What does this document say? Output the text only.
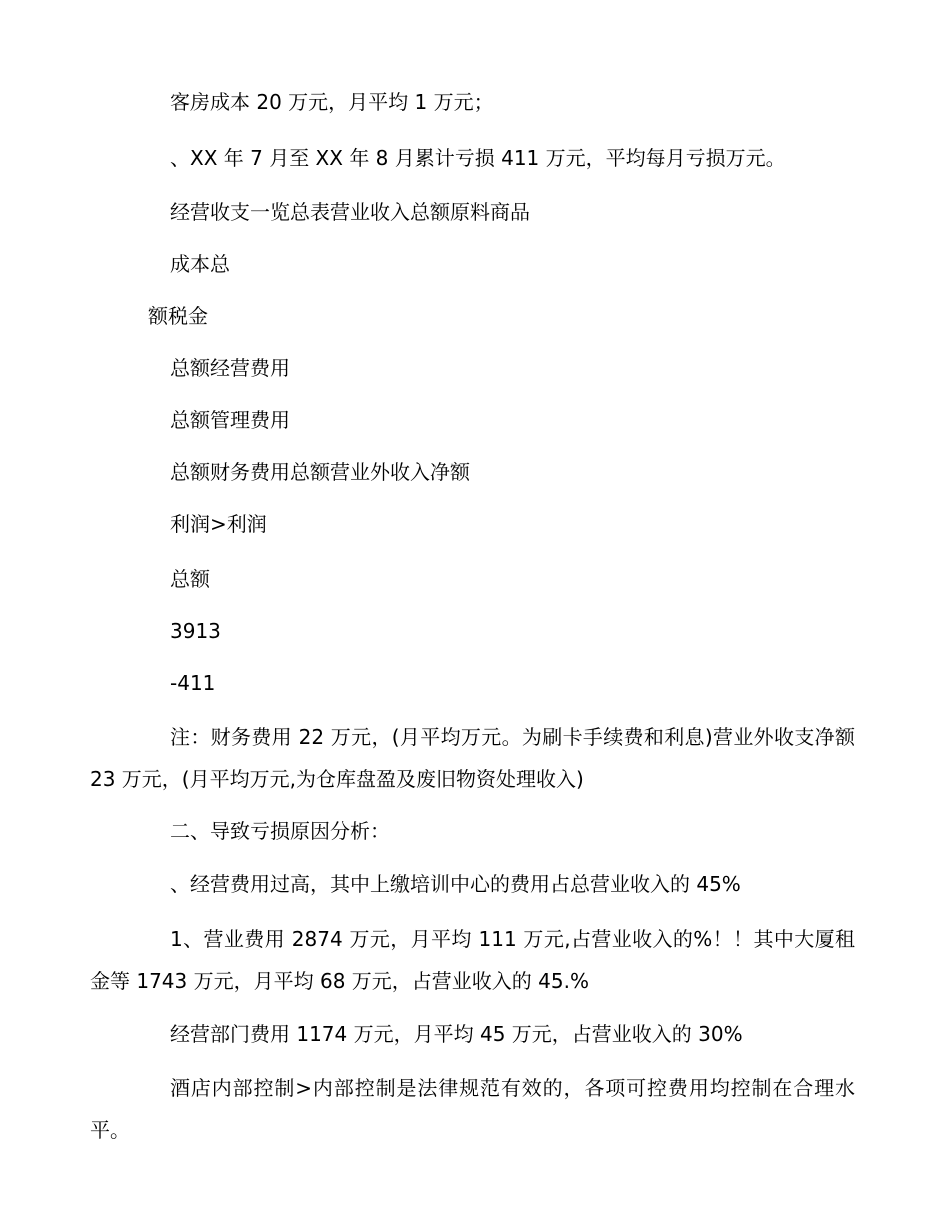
客房成本 20 万元，月平均 1 万元；
、XX 年 7 月至 XX 年 8 月累计亏损 411 万元，平均每月亏损万元。
经营收支一览总表营业收入总额原料商品
成本总
额税金
总额经营费用
总额管理费用
总额财务费用总额营业外收入净额
利润>利润
总额
3913
-411
注：财务费用 22 万元，(月平均万元。为刷卡手续费和利息)营业外收支净额 23 万元，(月平均万元,为仓库盘盈及废旧物资处理收入)
二、导致亏损原因分析：
、经营费用过高，其中上缴培训中心的费用占总营业收入的 45%
1、营业费用 2874 万元，月平均 111 万元,占营业收入的%！！其中大厦租金等 1743 万元，月平均 68 万元，占营业收入的 45.%
经营部门费用 1174 万元，月平均 45 万元，占营业收入的 30%
酒店内部控制>内部控制是法律规范有效的，各项可控费用均控制在合理水平。
